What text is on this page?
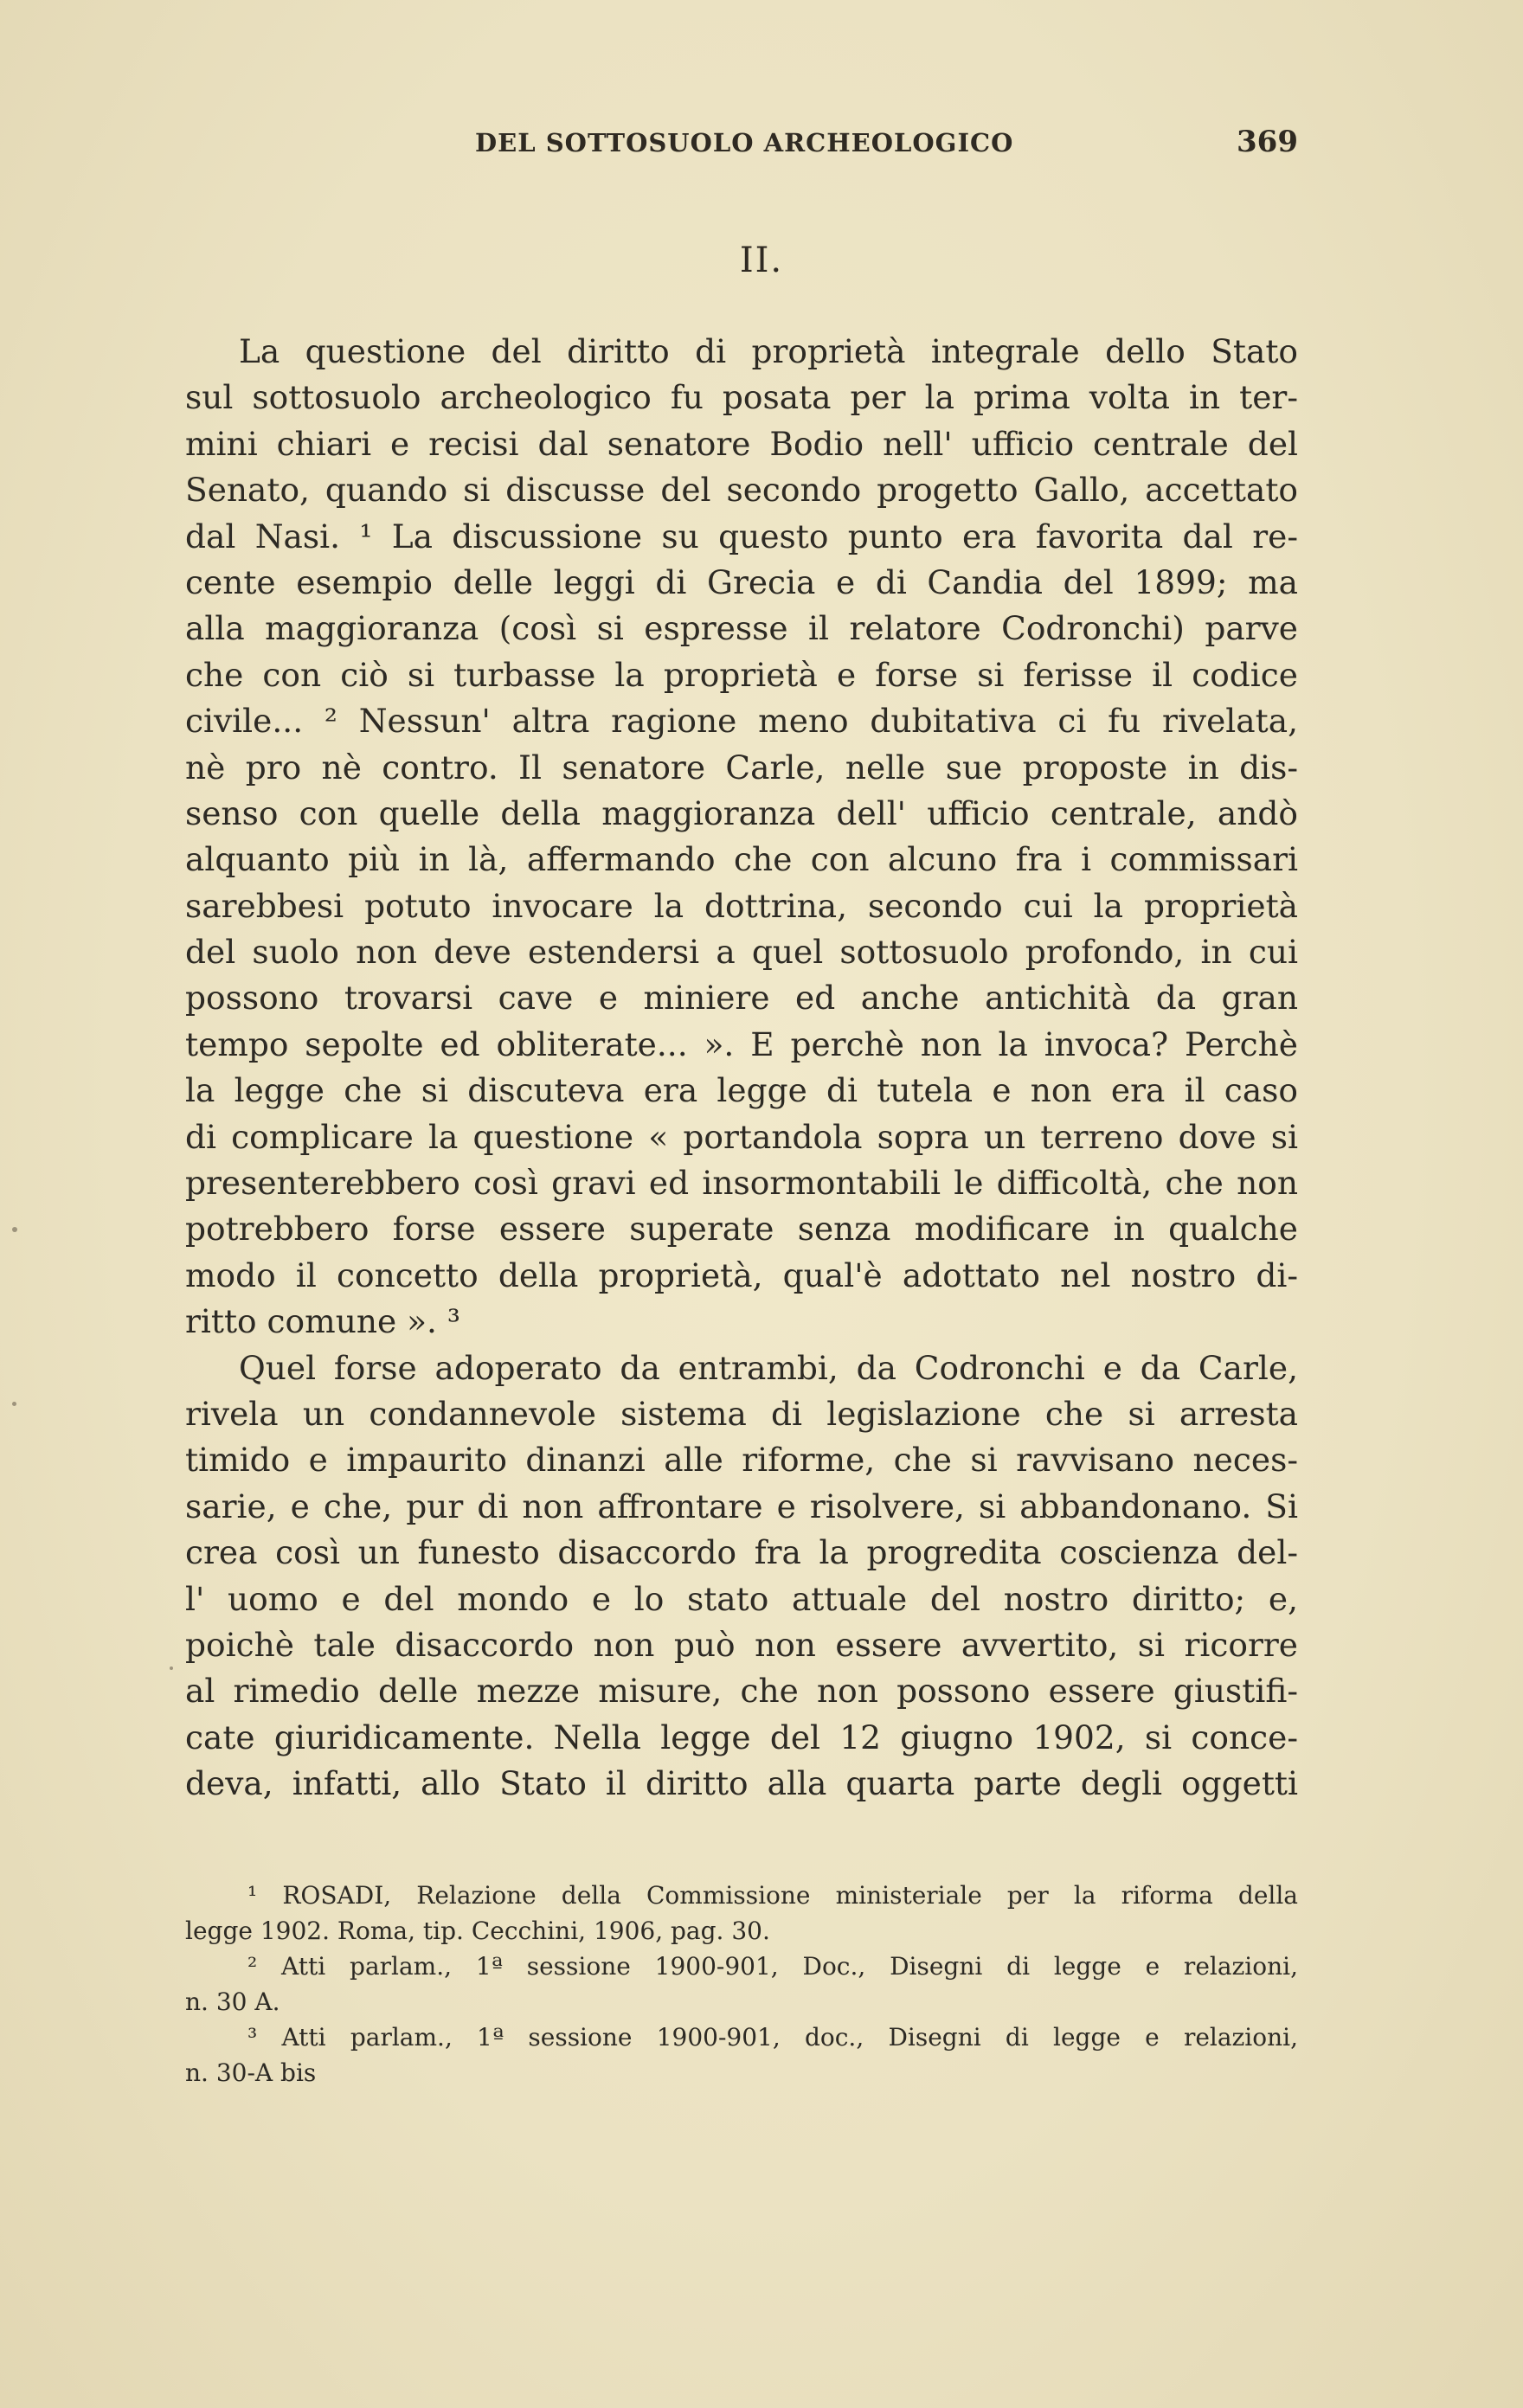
DEL SOTTOSUOLO ARCHEOLOGICO	369
II.
La questione del diritto di proprietà integrale dello Stato
sul sottosuolo archeologico fu posata per la prima volta in ter-
mini chiari e recisi dal senatore Bodio nell' ufficio centrale del
Senato, quando si discusse del secondo progetto Gallo, accettato
dal Nasi. ¹ La discussione su questo punto era favorita dal re-
cente esempio delle leggi di Grecia e di Candia del 1899; ma
alla maggioranza (così si espresse il relatore Codronchi) parve
che con ciò si turbasse la proprietà e forse si ferisse il codice
civile... ² Nessun' altra ragione meno dubitativa ci fu rivelata,
nè pro nè contro. Il senatore Carle, nelle sue proposte in dis-
senso con quelle della maggioranza dell' ufficio centrale, andò
alquanto più in là, affermando che con alcuno fra i commissari
sarebbesi potuto invocare la dottrina, secondo cui la proprietà
del suolo non deve estendersi a quel sottosuolo profondo, in cui
possono trovarsi cave e miniere ed anche antichità da gran
tempo sepolte ed obliterate... ». E perchè non la invoca? Perchè
la legge che si discuteva era legge di tutela e non era il caso
di complicare la questione « portandola sopra un terreno dove si
presenterebbero così gravi ed insormontabili le difficoltà, che non
potrebbero forse essere superate senza modificare in qualche
modo il concetto della proprietà, qual'è adottato nel nostro di-
ritto comune ». ³
Quel forse adoperato da entrambi, da Codronchi e da Carle,
rivela un condannevole sistema di legislazione che si arresta
timido e impaurito dinanzi alle riforme, che si ravvisano neces-
sarie, e che, pur di non affrontare e risolvere, si abbandonano. Si
crea così un funesto disaccordo fra la progredita coscienza del-
l' uomo e del mondo e lo stato attuale del nostro diritto; e,
poichè tale disaccordo non può non essere avvertito, si ricorre
al rimedio delle mezze misure, che non possono essere giustifi-
cate giuridicamente. Nella legge del 12 giugno 1902, si conce-
deva, infatti, allo Stato il diritto alla quarta parte degli oggetti
¹ ROSADI, Relazione della Commissione ministeriale per la riforma della
legge 1902. Roma, tip. Cecchini, 1906, pag. 30.
² Atti parlam., 1ª sessione 1900-901, Doc., Disegni di legge e relazioni,
n. 30 A.
³ Atti parlam., 1ª sessione 1900-901, doc., Disegni di legge e relazioni,
n. 30-A bis
